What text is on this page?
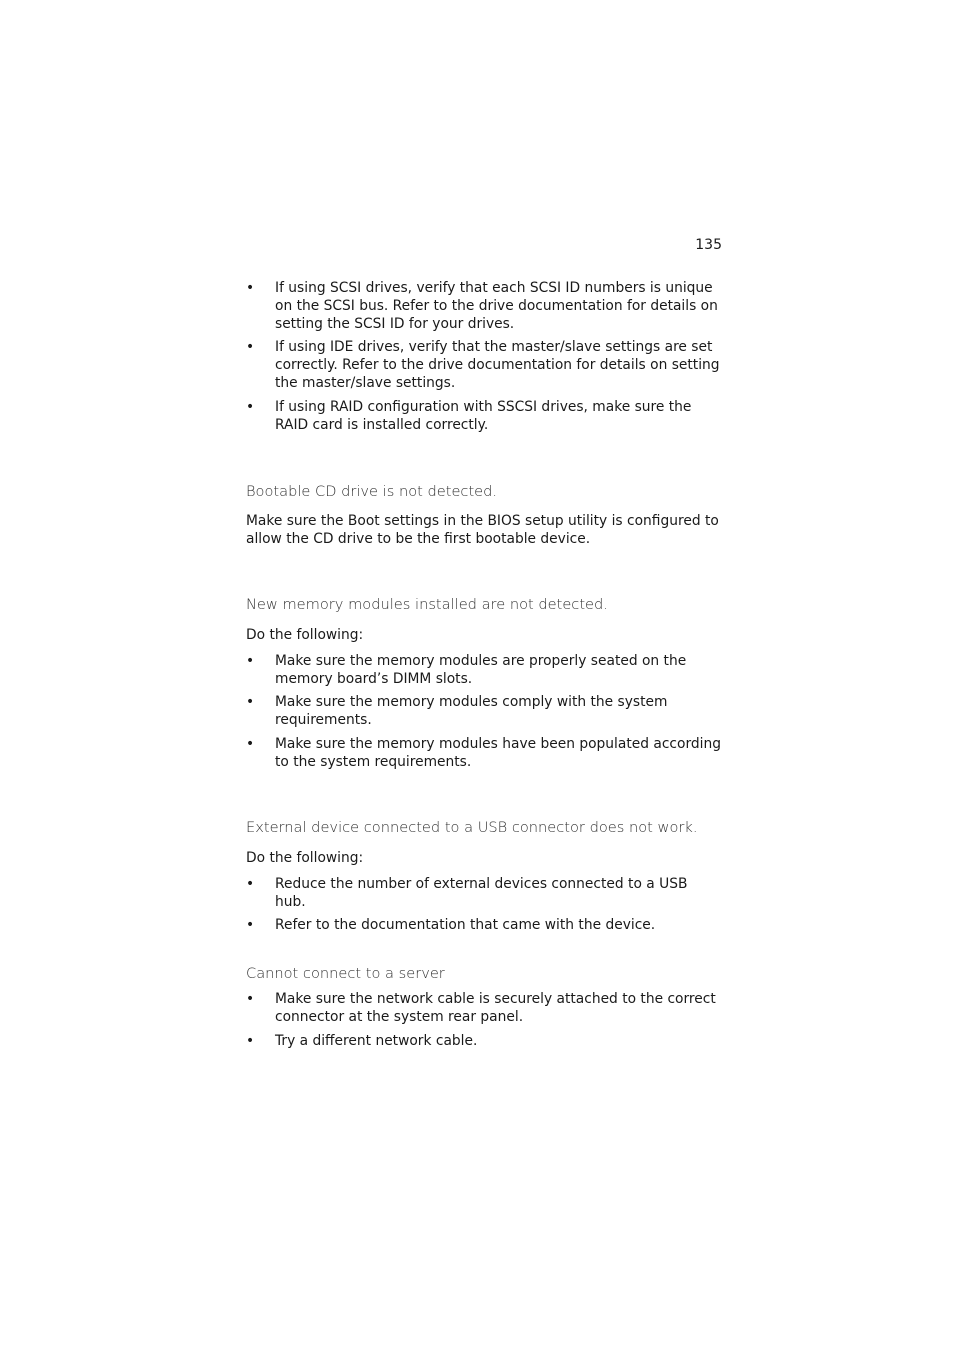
135
• If using SCSI drives, verify that each SCSI ID numbers is unique on the SCSI bus. Refer to the drive documentation for details on setting the SCSI ID for your drives.
• If using IDE drives, verify that the master/slave settings are set correctly. Refer to the drive documentation for details on setting the master/slave settings.
• If using RAID configuration with SSCSI drives, make sure the RAID card is installed correctly.
Bootable CD drive is not detected.

Make sure the Boot settings in the BIOS setup utility is configured to allow the CD drive to be the first bootable device.

New memory modules installed are not detected.

Do the following:

• Make sure the memory modules are properly seated on the memory board’s DIMM slots.
• Make sure the memory modules comply with the system requirements.
• Make sure the memory modules have been populated according to the system requirements.
External device connected to a USB connector does not work.

Do the following:

• Reduce the number of external devices connected to a USB hub.
• Refer to the documentation that came with the device.
Cannot connect to a server
• Make sure the network cable is securely attached to the correct connector at the system rear panel.
• Try a different network cable.
